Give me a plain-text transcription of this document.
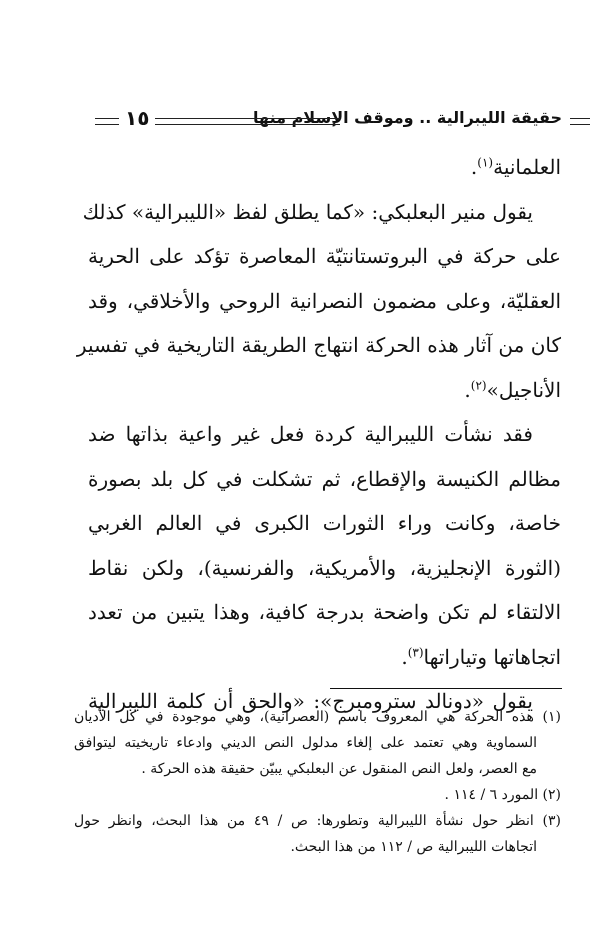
حقيقة الليبرالية .. وموقف الإسلام منها
١٥
العلمانية$^{(١)}$.
يقول منير البعلبكي: «كما يطلق لفظ «الليبرالية» كذلك
على حركة في البروتستانتيّة المعاصرة تؤكد على الحرية
العقليّة، وعلى مضمون النصرانية الروحي والأخلاقي، وقد
كان من آثار هذه الحركة انتهاج الطريقة التاريخية في تفسير
الأناجيل»$^{(٢)}$.
فقد نشأت الليبرالية كردة فعل غير واعية بذاتها ضد
مظالم الكنيسة والإقطاع، ثم تشكلت في كل بلد بصورة
خاصة، وكانت وراء الثورات الكبرى في العالم الغربي
(الثورة الإنجليزية، والأمريكية، والفرنسية)، ولكن نقاط
الالتقاء لم تكن واضحة بدرجة كافية، وهذا يتبين من تعدد
اتجاهاتها وتياراتها$^{(٣)}$.
يقول «دونالد سترومبرج»: «والحق أن كلمة الليبرالية
(١) هذه الحركة هي المعروف باسم (العصرانية)، وهي موجودة في كل الأديان
السماوية وهي تعتمد على إلغاء مدلول النص الديني وادعاء تاريخيته ليتوافق
مع العصر، ولعل النص المنقول عن البعلبكي يبيّن حقيقة هذه الحركة .
(٢) المورد ٦ / ١١٤ .
(٣) انظر حول نشأة الليبرالية وتطورها: ص / ٤٩ من هذا البحث، وانظر حول
اتجاهات الليبرالية ص / ١١٢ من هذا البحث.
